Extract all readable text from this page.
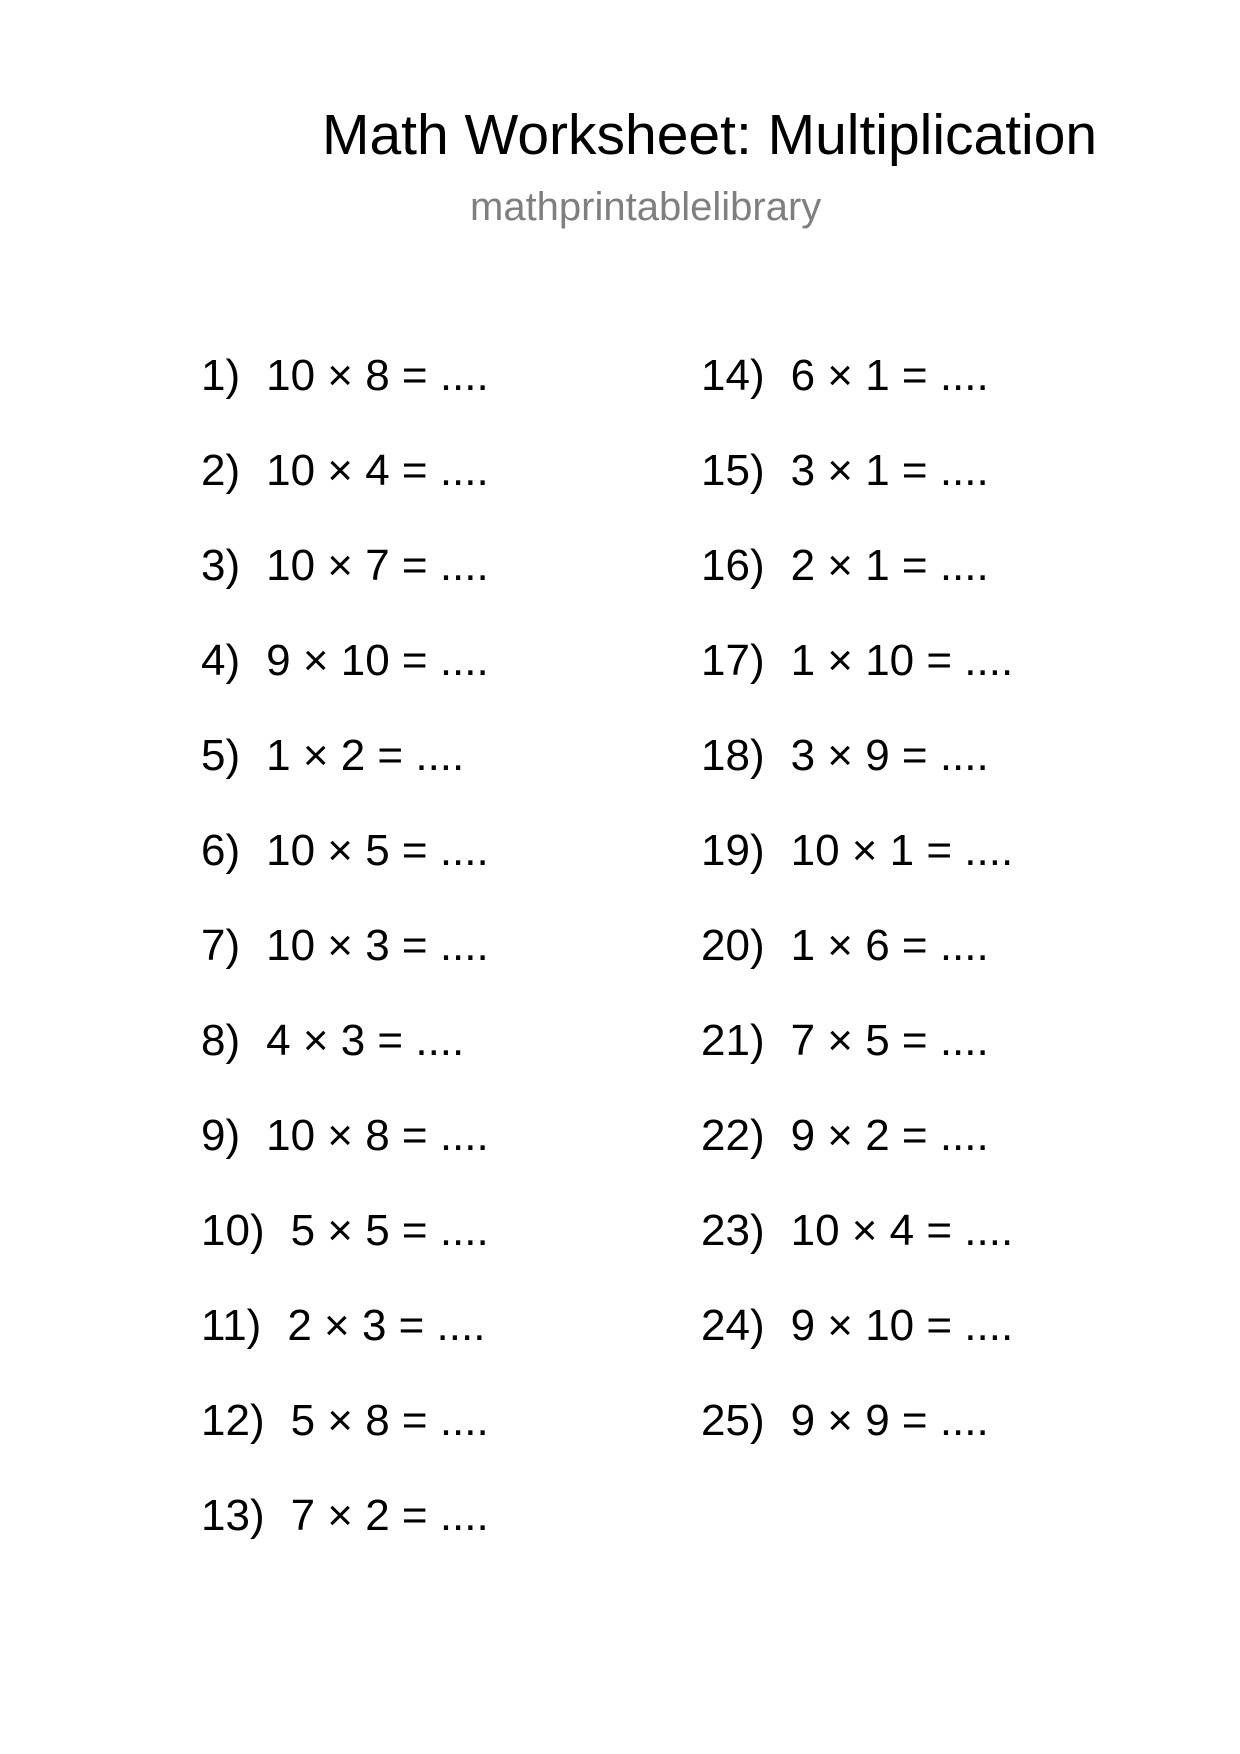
Math Worksheet: Multiplication
mathprintablelibrary
1) 10 × 8 = ....
2) 10 × 4 = ....
3) 10 × 7 = ....
4) 9 × 10 = ....
5) 1 × 2 = ....
6) 10 × 5 = ....
7) 10 × 3 = ....
8) 4 × 3 = ....
9) 10 × 8 = ....
10) 5 × 5 = ....
11) 2 × 3 = ....
12) 5 × 8 = ....
13) 7 × 2 = ....
14) 6 × 1 = ....
15) 3 × 1 = ....
16) 2 × 1 = ....
17) 1 × 10 = ....
18) 3 × 9 = ....
19) 10 × 1 = ....
20) 1 × 6 = ....
21) 7 × 5 = ....
22) 9 × 2 = ....
23) 10 × 4 = ....
24) 9 × 10 = ....
25) 9 × 9 = ....
